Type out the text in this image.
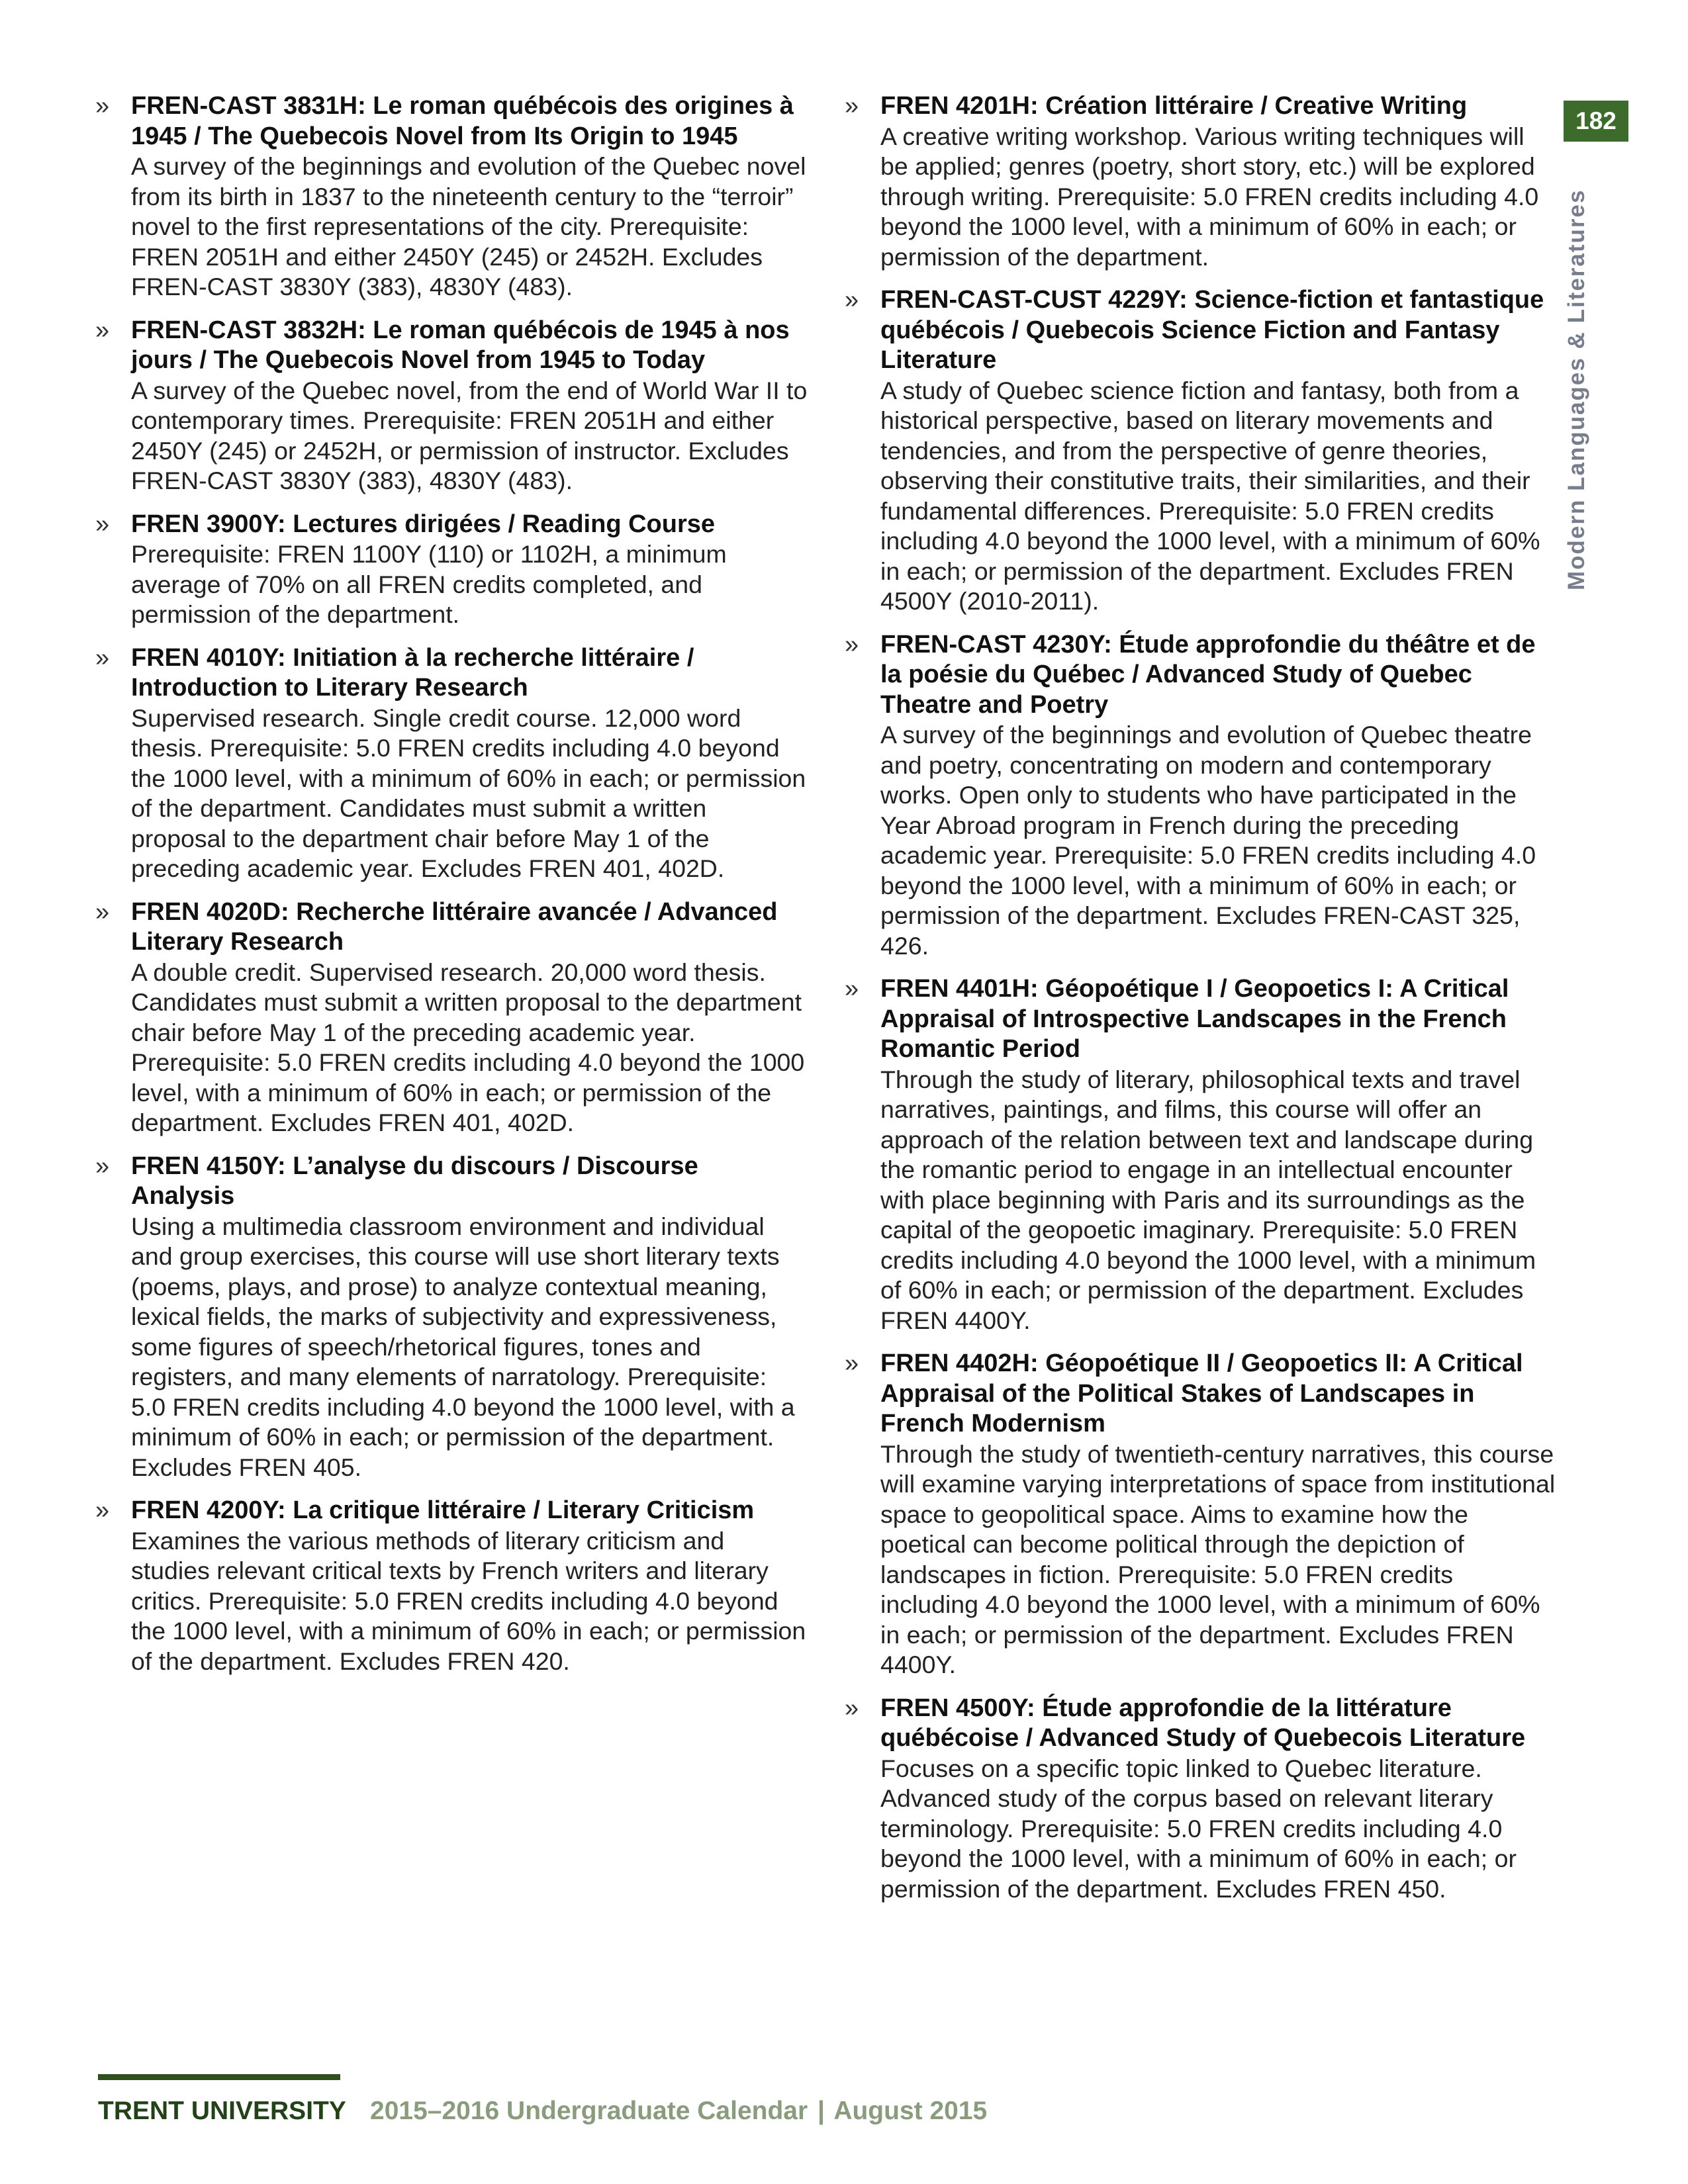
» FREN-CAST 3831H: Le roman québécois des origines à 1945 / The Quebecois Novel from Its Origin to 1945
A survey of the beginnings and evolution of the Quebec novel from its birth in 1837 to the nineteenth century to the “terroir” novel to the first representations of the city. Prerequisite: FREN 2051H and either 2450Y (245) or 2452H. Excludes FREN-CAST 3830Y (383), 4830Y (483).
» FREN-CAST 3832H: Le roman québécois de 1945 à nos jours / The Quebecois Novel from 1945 to Today
A survey of the Quebec novel, from the end of World War II to contemporary times. Prerequisite: FREN 2051H and either 2450Y (245) or 2452H, or permission of instructor. Excludes FREN-CAST 3830Y (383), 4830Y (483).
» FREN 3900Y: Lectures dirigées / Reading Course
Prerequisite: FREN 1100Y (110) or 1102H, a minimum average of 70% on all FREN credits completed, and permission of the department.
» FREN 4010Y: Initiation à la recherche littéraire / Introduction to Literary Research
Supervised research. Single credit course. 12,000 word thesis. Prerequisite: 5.0 FREN credits including 4.0 beyond the 1000 level, with a minimum of 60% in each; or permission of the department. Candidates must submit a written proposal to the department chair before May 1 of the preceding academic year. Excludes FREN 401, 402D.
» FREN 4020D: Recherche littéraire avancée / Advanced Literary Research
A double credit. Supervised research. 20,000 word thesis. Candidates must submit a written proposal to the department chair before May 1 of the preceding academic year. Prerequisite: 5.0 FREN credits including 4.0 beyond the 1000 level, with a minimum of 60% in each; or permission of the department. Excludes FREN 401, 402D.
» FREN 4150Y: L’analyse du discours / Discourse Analysis
Using a multimedia classroom environment and individual and group exercises, this course will use short literary texts (poems, plays, and prose) to analyze contextual meaning, lexical fields, the marks of subjectivity and expressiveness, some figures of speech/rhetorical figures, tones and registers, and many elements of narratology. Prerequisite: 5.0 FREN credits including 4.0 beyond the 1000 level, with a minimum of 60% in each; or permission of the department. Excludes FREN 405.
» FREN 4200Y: La critique littéraire / Literary Criticism
Examines the various methods of literary criticism and studies relevant critical texts by French writers and literary critics. Prerequisite: 5.0 FREN credits including 4.0 beyond the 1000 level, with a minimum of 60% in each; or permission of the department. Excludes FREN 420.
» FREN 4201H: Création littéraire / Creative Writing
A creative writing workshop. Various writing techniques will be applied; genres (poetry, short story, etc.) will be explored through writing. Prerequisite: 5.0 FREN credits including 4.0 beyond the 1000 level, with a minimum of 60% in each; or permission of the department.
» FREN-CAST-CUST 4229Y: Science-fiction et fantastique québécois / Quebecois Science Fiction and Fantasy Literature
A study of Quebec science fiction and fantasy, both from a historical perspective, based on literary movements and tendencies, and from the perspective of genre theories, observing their constitutive traits, their similarities, and their fundamental differences. Prerequisite: 5.0 FREN credits including 4.0 beyond the 1000 level, with a minimum of 60% in each; or permission of the department. Excludes FREN 4500Y (2010-2011).
» FREN-CAST 4230Y: Étude approfondie du théâtre et de la poésie du Québec / Advanced Study of Quebec Theatre and Poetry
A survey of the beginnings and evolution of Quebec theatre and poetry, concentrating on modern and contemporary works. Open only to students who have participated in the Year Abroad program in French during the preceding academic year. Prerequisite: 5.0 FREN credits including 4.0 beyond the 1000 level, with a minimum of 60% in each; or permission of the department. Excludes FREN-CAST 325, 426.
» FREN 4401H: Géopoétique I / Geopoetics I: A Critical Appraisal of Introspective Landscapes in the French Romantic Period
Through the study of literary, philosophical texts and travel narratives, paintings, and films, this course will offer an approach of the relation between text and landscape during the romantic period to engage in an intellectual encounter with place beginning with Paris and its surroundings as the capital of the geopoetic imaginary. Prerequisite: 5.0 FREN credits including 4.0 beyond the 1000 level, with a minimum of 60% in each; or permission of the department. Excludes FREN 4400Y.
» FREN 4402H: Géopoétique II / Geopoetics II: A Critical Appraisal of the Political Stakes of Landscapes in French Modernism
Through the study of twentieth-century narratives, this course will examine varying interpretations of space from institutional space to geopolitical space. Aims to examine how the poetical can become political through the depiction of landscapes in fiction. Prerequisite: 5.0 FREN credits including 4.0 beyond the 1000 level, with a minimum of 60% in each; or permission of the department. Excludes FREN 4400Y.
» FREN 4500Y: Étude approfondie de la littérature québécoise / Advanced Study of Quebecois Literature
Focuses on a specific topic linked to Quebec literature. Advanced study of the corpus based on relevant literary terminology. Prerequisite: 5.0 FREN credits including 4.0 beyond the 1000 level, with a minimum of 60% in each; or permission of the department. Excludes FREN 450.
182
Modern Languages & Literatures
TRENT UNIVERSITY 2015–2016 Undergraduate Calendar | August 2015
